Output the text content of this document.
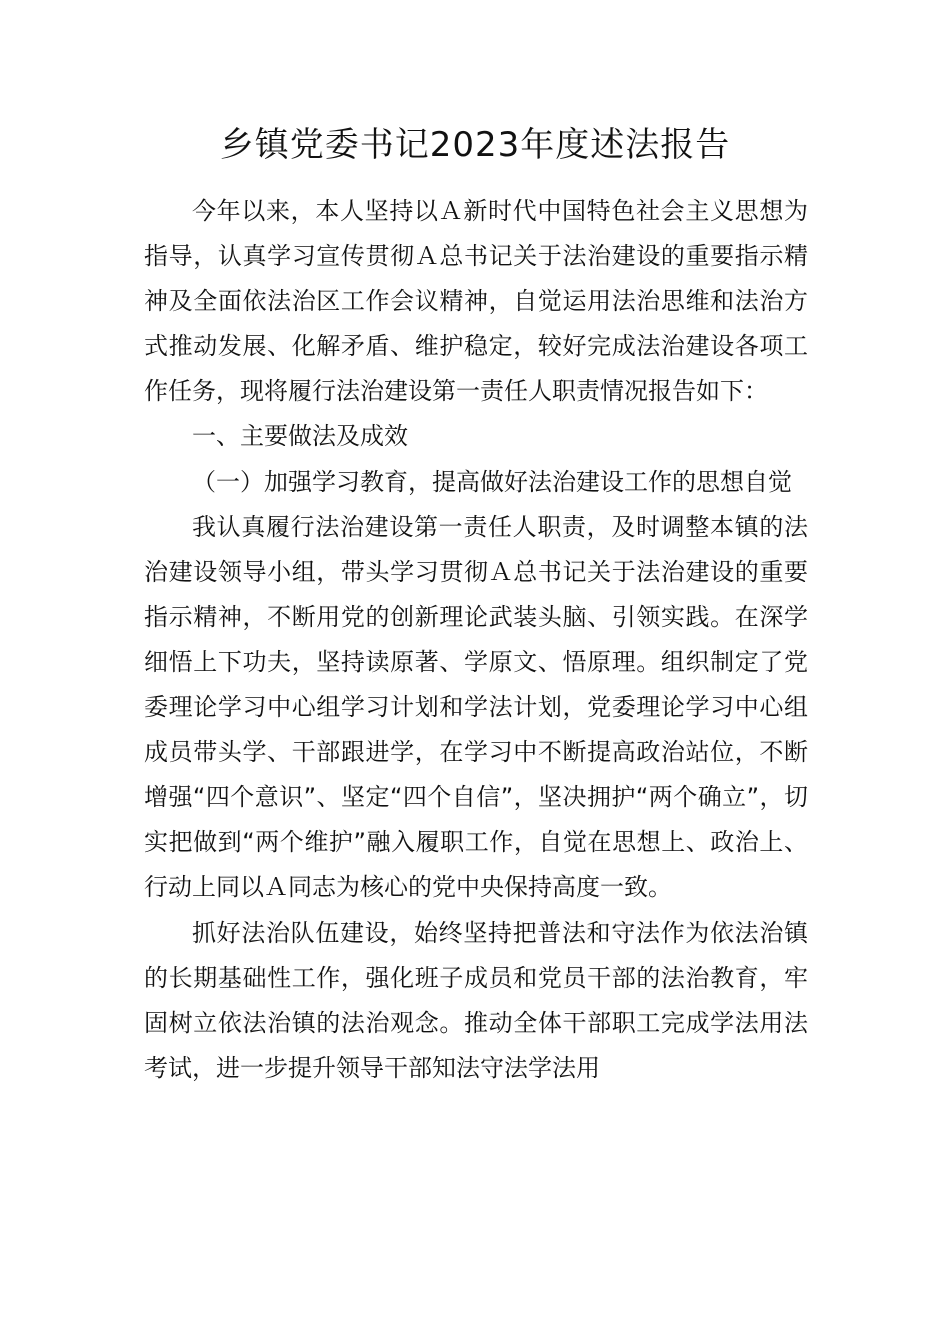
乡镇党委书记2023年度述法报告

今年以来，本人坚持以Ａ新时代中国特色社会主义思想为指导，认真学习宣传贯彻Ａ总书记关于法治建设的重要指示精神及全面依法治区工作会议精神，自觉运用法治思维和法治方式推动发展、化解矛盾、维护稳定，较好完成法治建设各项工作任务，现将履行法治建设第一责任人职责情况报告如下：

一、主要做法及成效

（一）加强学习教育，提高做好法治建设工作的思想自觉

我认真履行法治建设第一责任人职责，及时调整本镇的法治建设领导小组，带头学习贯彻Ａ总书记关于法治建设的重要指示精神，不断用党的创新理论武装头脑、引领实践。在深学细悟上下功夫，坚持读原著、学原文、悟原理。组织制定了党委理论学习中心组学习计划和学法计划，党委理论学习中心组成员带头学、干部跟进学，在学习中不断提高政治站位，不断增强“四个意识”、坚定“四个自信”，坚决拥护“两个确立”，切实把做到“两个维护”融入履职工作，自觉在思想上、政治上、行动上同以Ａ同志为核心的党中央保持高度一致。

抓好法治队伍建设，始终坚持把普法和守法作为依法治镇的长期基础性工作，强化班子成员和党员干部的法治教育，牢固树立依法治镇的法治观念。推动全体干部职工完成学法用法考试，进一步提升领导干部知法守法学法用
